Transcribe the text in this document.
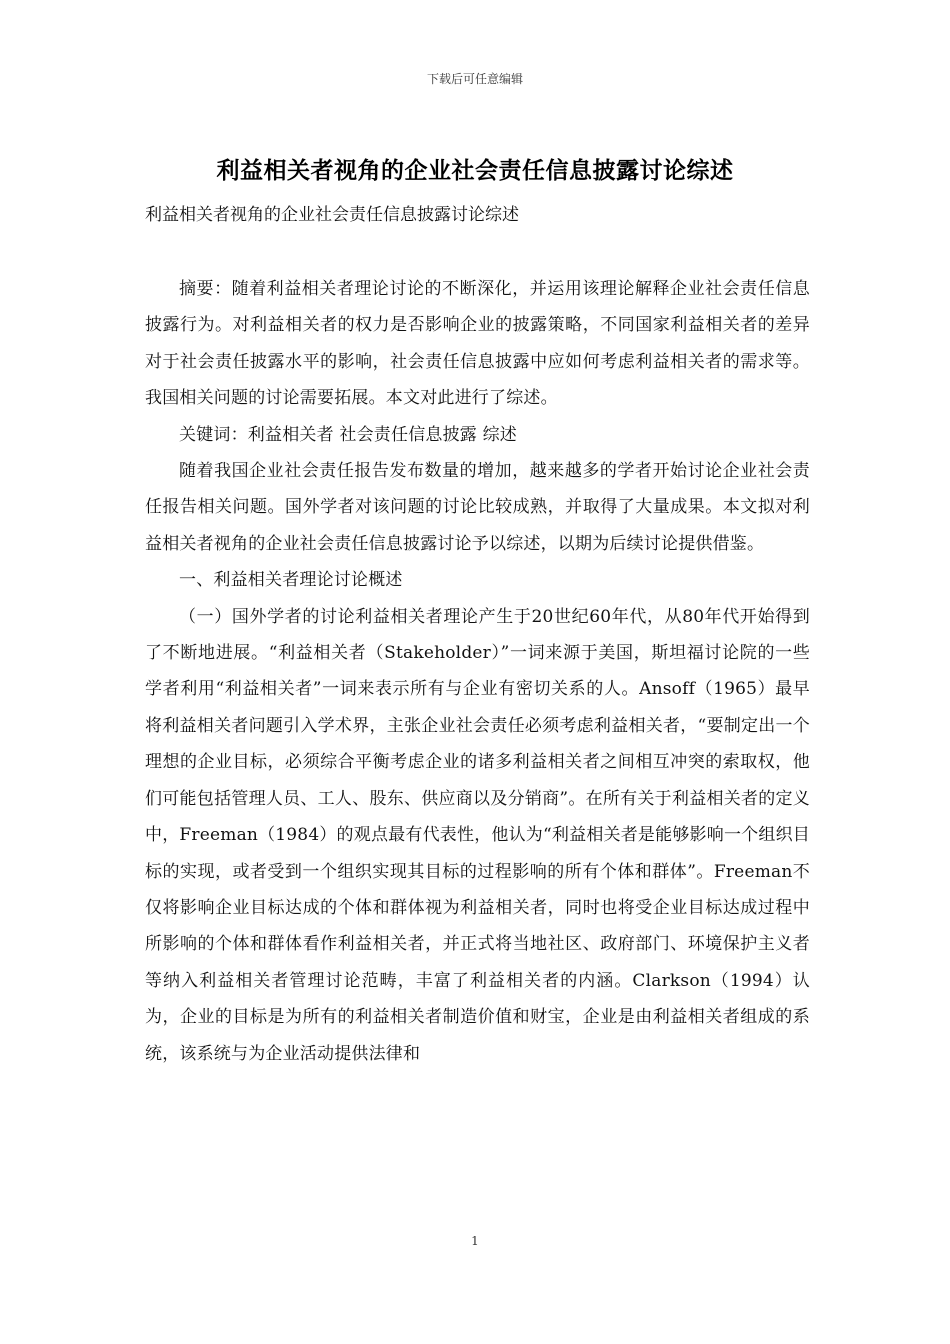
下载后可任意编辑
利益相关者视角的企业社会责任信息披露讨论综述
利益相关者视角的企业社会责任信息披露讨论综述

摘要：随着利益相关者理论讨论的不断深化，并运用该理论解释企业社会责任信息披露行为。对利益相关者的权力是否影响企业的披露策略，不同国家利益相关者的差异对于社会责任披露水平的影响，社会责任信息披露中应如何考虑利益相关者的需求等。我国相关问题的讨论需要拓展。本文对此进行了综述。

关键词：利益相关者 社会责任信息披露 综述

随着我国企业社会责任报告发布数量的增加，越来越多的学者开始讨论企业社会责任报告相关问题。国外学者对该问题的讨论比较成熟，并取得了大量成果。本文拟对利益相关者视角的企业社会责任信息披露讨论予以综述，以期为后续讨论提供借鉴。

一、利益相关者理论讨论概述

（一）国外学者的讨论利益相关者理论产生于20世纪60年代，从80年代开始得到了不断地进展。“利益相关者（Stakeholder）”一词来源于美国，斯坦福讨论院的一些学者利用“利益相关者”一词来表示所有与企业有密切关系的人。Ansoff（1965）最早将利益相关者问题引入学术界，主张企业社会责任必须考虑利益相关者，“要制定出一个理想的企业目标，必须综合平衡考虑企业的诸多利益相关者之间相互冲突的索取权，他们可能包括管理人员、工人、股东、供应商以及分销商”。在所有关于利益相关者的定义中，Freeman（1984）的观点最有代表性，他认为“利益相关者是能够影响一个组织目标的实现，或者受到一个组织实现其目标的过程影响的所有个体和群体”。Freeman不仅将影响企业目标达成的个体和群体视为利益相关者，同时也将受企业目标达成过程中所影响的个体和群体看作利益相关者，并正式将当地社区、政府部门、环境保护主义者等纳入利益相关者管理讨论范畴，丰富了利益相关者的内涵。Clarkson（1994）认为，企业的目标是为所有的利益相关者制造价值和财宝，企业是由利益相关者组成的系统，该系统与为企业活动提供法律和

1
